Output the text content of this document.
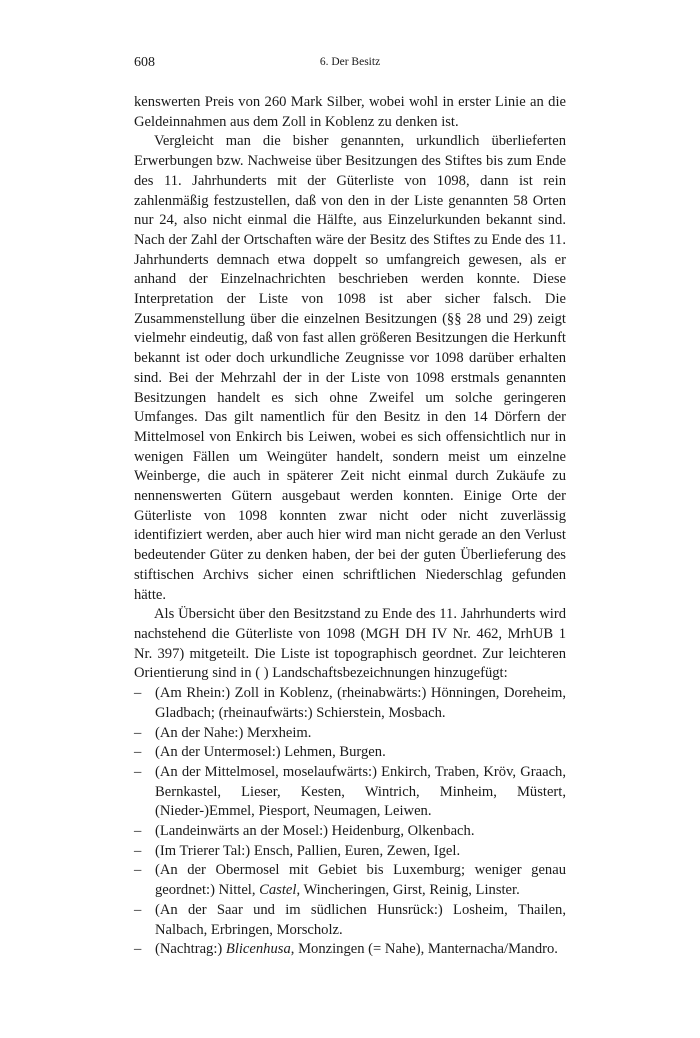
608	6. Der Besitz

kenswerten Preis von 260 Mark Silber, wobei wohl in erster Linie an die Geldeinnahmen aus dem Zoll in Koblenz zu denken ist.

Vergleicht man die bisher genannten, urkundlich überlieferten Erwerbungen bzw. Nachweise über Besitzungen des Stiftes bis zum Ende des 11. Jahrhunderts mit der Güterliste von 1098, dann ist rein zahlenmäßig festzustellen, daß von den in der Liste genannten 58 Orten nur 24, also nicht einmal die Hälfte, aus Einzelurkunden bekannt sind. Nach der Zahl der Ortschaften wäre der Besitz des Stiftes zu Ende des 11. Jahrhunderts demnach etwa doppelt so umfangreich gewesen, als er anhand der Einzelnachrichten beschrieben werden konnte. Diese Interpretation der Liste von 1098 ist aber sicher falsch. Die Zusammenstellung über die einzelnen Besitzungen (§§ 28 und 29) zeigt vielmehr eindeutig, daß von fast allen größeren Besitzungen die Herkunft bekannt ist oder doch urkundliche Zeugnisse vor 1098 darüber erhalten sind. Bei der Mehrzahl der in der Liste von 1098 erstmals genannten Besitzungen handelt es sich ohne Zweifel um solche geringeren Umfanges. Das gilt namentlich für den Besitz in den 14 Dörfern der Mittelmosel von Enkirch bis Leiwen, wobei es sich offensichtlich nur in wenigen Fällen um Weingüter handelt, sondern meist um einzelne Weinberge, die auch in späterer Zeit nicht einmal durch Zukäufe zu nennenswerten Gütern ausgebaut werden konnten. Einige Orte der Güterliste von 1098 konnten zwar nicht oder nicht zuverlässig identifiziert werden, aber auch hier wird man nicht gerade an den Verlust bedeutender Güter zu denken haben, der bei der guten Überlieferung des stiftischen Archivs sicher einen schriftlichen Niederschlag gefunden hätte.

Als Übersicht über den Besitzstand zu Ende des 11. Jahrhunderts wird nachstehend die Güterliste von 1098 (MGH DH IV Nr. 462, MrhUB 1 Nr. 397) mitgeteilt. Die Liste ist topographisch geordnet. Zur leichteren Orientierung sind in ( ) Landschaftsbezeichnungen hinzugefügt:

– (Am Rhein:) Zoll in Koblenz, (rheinabwärts:) Hönningen, Doreheim, Gladbach; (rheinaufwärts:) Schierstein, Mosbach.
– (An der Nahe:) Merxheim.
– (An der Untermosel:) Lehmen, Burgen.
– (An der Mittelmosel, moselaufwärts:) Enkirch, Traben, Kröv, Graach, Bernkastel, Lieser, Kesten, Wintrich, Minheim, Müstert, (Nieder-)Emmel, Piesport, Neumagen, Leiwen.
– (Landeinwärts an der Mosel:) Heidenburg, Olkenbach.
– (Im Trierer Tal:) Ensch, Pallien, Euren, Zewen, Igel.
– (An der Obermosel mit Gebiet bis Luxemburg; weniger genau geordnet:) Nittel, Castel, Wincheringen, Girst, Reinig, Linster.
– (An der Saar und im südlichen Hunsrück:) Losheim, Thailen, Nalbach, Erbringen, Morscholz.
– (Nachtrag:) Blicenhusa, Monzingen (= Nahe), Manternacha/Mandro.
